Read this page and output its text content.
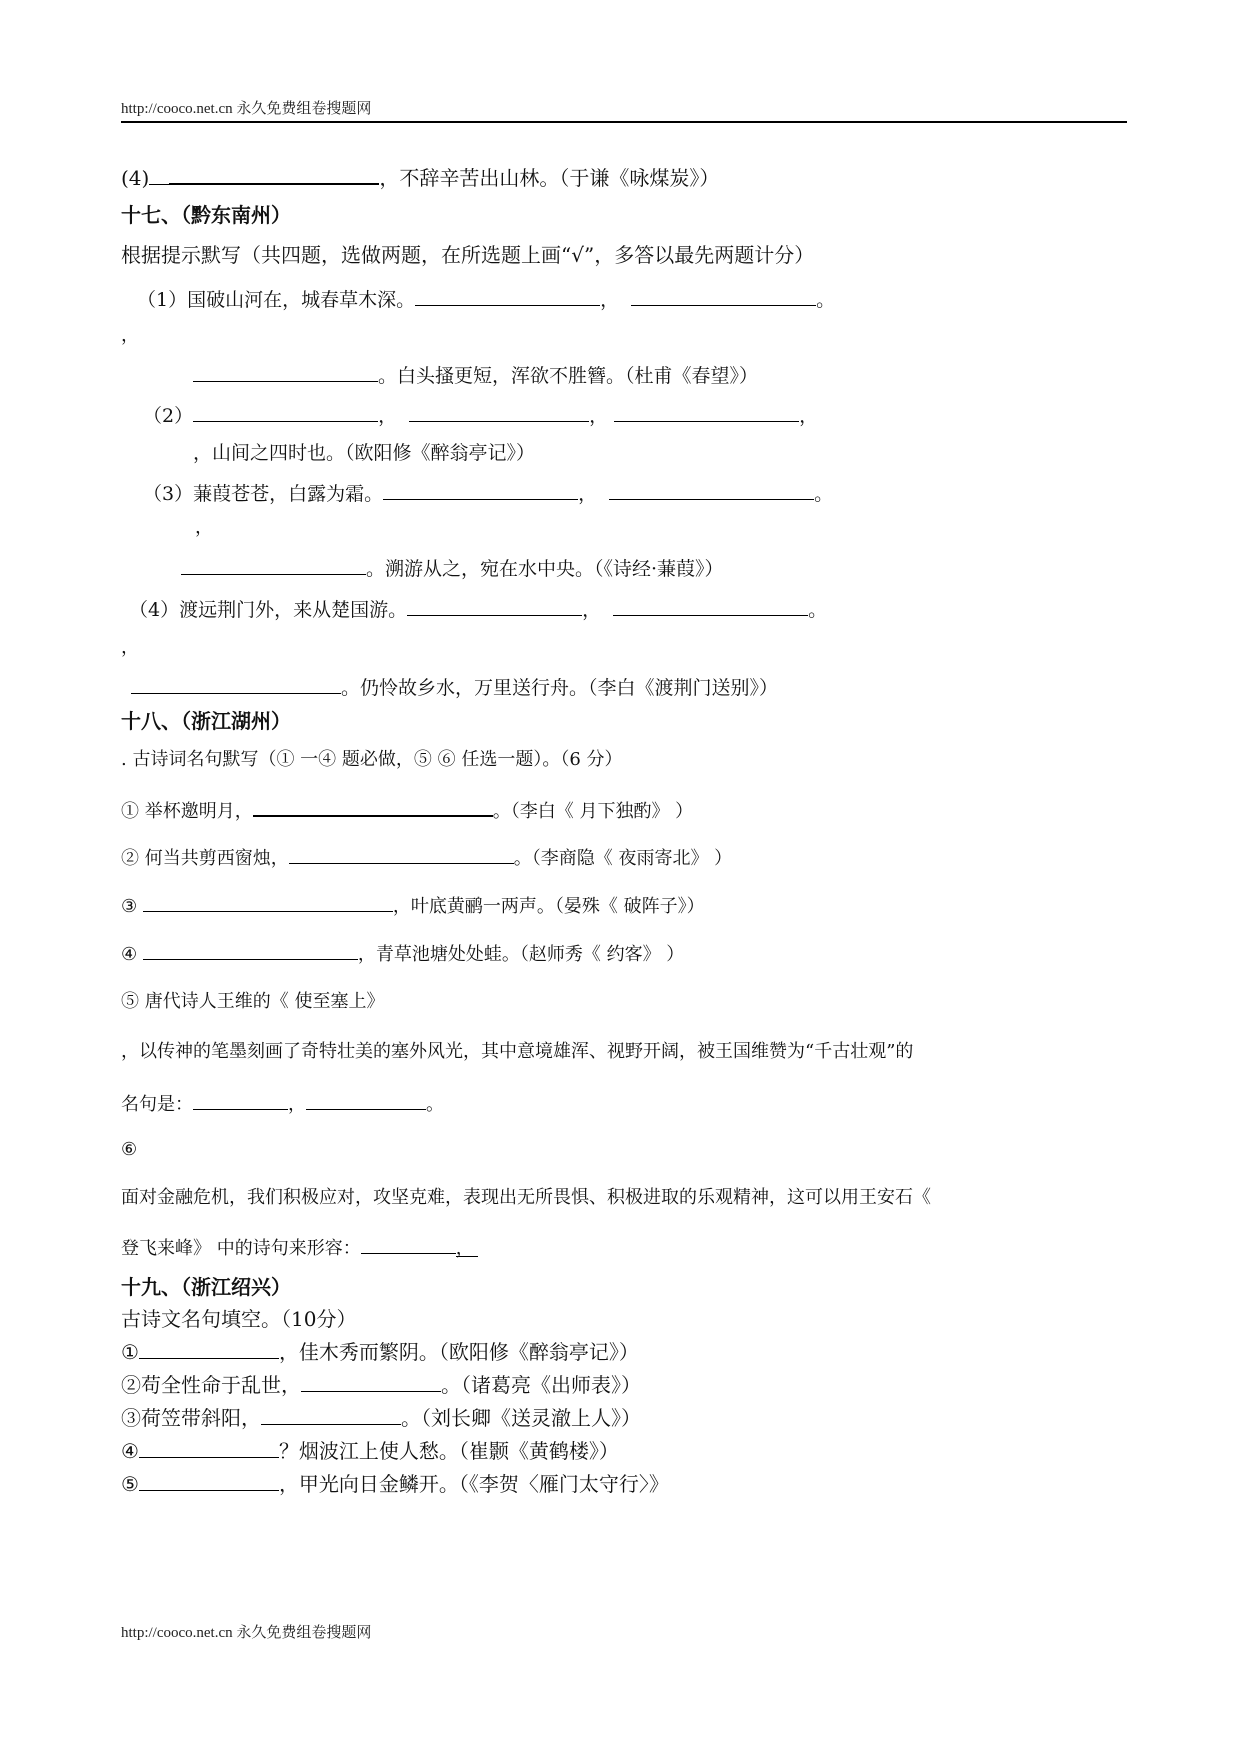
http://cooco.net.cn 永久免费组卷搜题网
(4)	，不辞辛苦出山林。（于谦《咏煤炭》）
十七、（黔东南州）
根据提示默写（共四题，选做两题，在所选题上画“√”，多答以最先两题计分）
（1）国破山河在，城春草木深。	，	。
，
。白头搔更短，浑欲不胜簪。（杜甫《春望》）
（2）	，	，	，
，山间之四时也。（欧阳修《醉翁亭记》）
（3）蒹葭苍苍，白露为霜。	，	。
，
。溯游从之，宛在水中央。（《诗经·蒹葭》）
（4）渡远荆门外，来从楚国游。	，	。
，
。仍怜故乡水，万里送行舟。（李白《渡荆门送别》）
十八、（浙江湖州）
. 古诗词名句默写（① 一④ 题必做，⑤ ⑥ 任选一题）。（6 分）
① 举杯邀明月，	。（李白《 月下独酌》 ）
② 何当共剪西窗烛，	。（李商隐《 夜雨寄北》 ）
③	，叶底黄鹂一两声。（晏殊《 破阵子》）
④	，青草池塘处处蛙。（赵师秀《 约客》 ）
⑤ 唐代诗人王维的《 使至塞上》
，以传神的笔墨刻画了奇特壮美的塞外风光，其中意境雄浑、视野开阔，被王国维赞为“千古壮观”的
名句是：	，	。
⑥
面对金融危机，我们积极应对，攻坚克难，表现出无所畏惧、积极进取的乐观精神，这可以用王安石《
登飞来峰》 中的诗句来形容：	，
十九、（浙江绍兴）
古诗文名句填空。（10分）
①	，佳木秀而繁阴。（欧阳修《醉翁亭记》）
②苟全性命于乱世，	。（诸葛亮《出师表》）
③荷笠带斜阳，	。（刘长卿《送灵澈上人》）
④	？烟波江上使人愁。（崔颢《黄鹤楼》）
⑤	，甲光向日金鳞开。（《李贺〈雁门太守行〉》
http://cooco.net.cn 永久免费组卷搜题网
